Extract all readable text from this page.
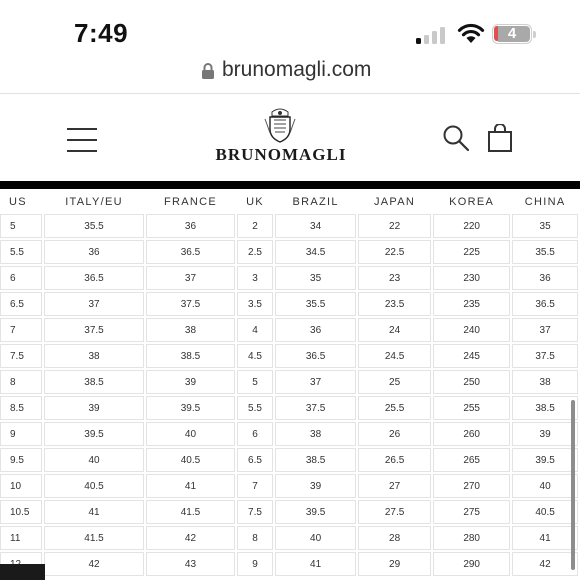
7:49	4
brunomagli.com
BRUNOMAGLI
US	ITALY/EU	FRANCE	UK	BRAZIL	JAPAN	KOREA	CHINA
5	35.5	36	2	34	22	220	35
5.5	36	36.5	2.5	34.5	22.5	225	35.5
6	36.5	37	3	35	23	230	36
6.5	37	37.5	3.5	35.5	23.5	235	36.5
7	37.5	38	4	36	24	240	37
7.5	38	38.5	4.5	36.5	24.5	245	37.5
8	38.5	39	5	37	25	250	38
8.5	39	39.5	5.5	37.5	25.5	255	38.5
9	39.5	40	6	38	26	260	39
9.5	40	40.5	6.5	38.5	26.5	265	39.5
10	40.5	41	7	39	27	270	40
10.5	41	41.5	7.5	39.5	27.5	275	40.5
11	41.5	42	8	40	28	280	41
	42	43	9	41	29	290	42
